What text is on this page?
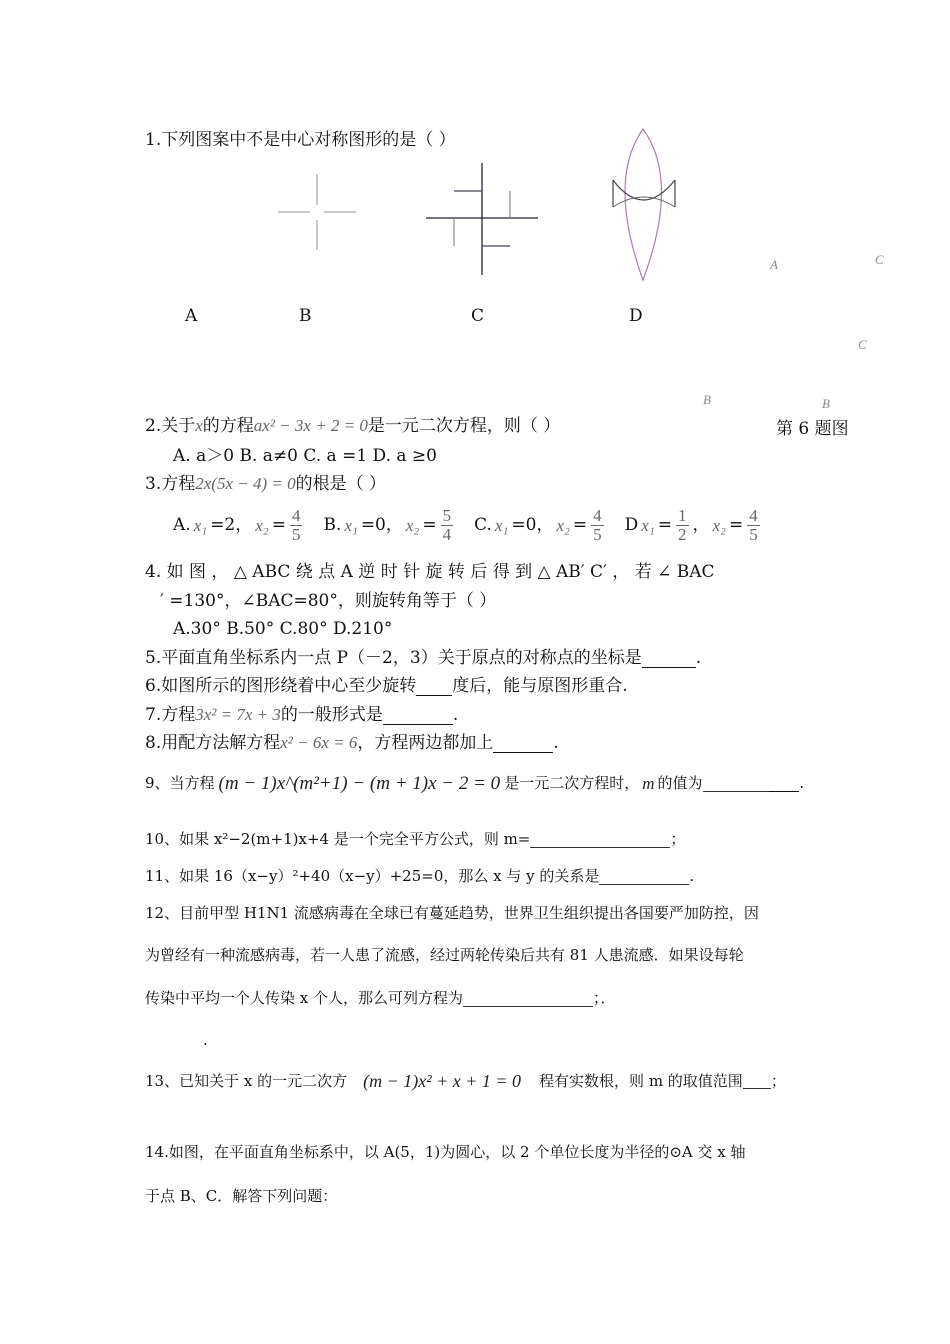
1.下列图案中不是中心对称图形的是（ ）
A	B	C	D
A	C
C
B	B
第 6 题图
2.关于x的方程ax² − 3x + 2 = 0是一元二次方程，则（ ）
A. a＞0 B. a≠0 C. a =1 D. a ≥0
3.方程2x(5x − 4) = 0的根是（ ）
A. x₁ =2， $x_2 = \frac{4}{5} B$. x₁ =0， $x_2 = \frac{5}{4} C$. x₁ =0， $x_2 = \frac{4}{5}$ D $x_1 = \frac{1}{2}$ ， $x_2 = \frac{4}{5}$
4. 如 图 ， △ ABC 绕 点 A 逆 时 针 旋 转 后 得 到 △ AB′ C′ ， 若 ∠ BAC
′ =130°，∠BAC=80°，则旋转角等于（ ）
A.30° B.50° C.80° D.210°
5.平面直角坐标系内一点 P（－2，3）关于原点的对称点的坐标是	.
6.如图所示的图形绕着中心至少旋转 度后，能与原图形重合.
7.方程3x² = 7x + 3的一般形式是	.
8.用配方法解方程x² − 6x = 6，方程两边都加上	.
9、当方程 (m − 1)x^(m²+1) − (m + 1)x − 2 = 0 是一元二次方程时， m 的值为

	.
10、如果 x²−2(m+1)x+4 是一个完全平方公式，则 m=	；
11、如果 16（x−y）²+40（x−y）+25=0，那么 x 与 y 的关系是	.
12、目前甲型 H1N1 流感病毒在全球已有蔓延趋势，世界卫生组织提出各国要严加防控，因
为曾经有一种流感病毒，若一人患了流感，经过两轮传染后共有 81 人患流感．如果设每轮
传染中平均一个人传染 x 个人，那么可列方程为	；．
.
13、已知关于 x 的一元二次方 (m − 1)x² + x + 1 = 0 程有实数根，则 m 的取值范围
；
14.如图，在平面直角坐标系中，以 A(5，1)为圆心，以 2 个单位长度为半径的⊙A 交 x 轴
于点 B、C．解答下列问题：
